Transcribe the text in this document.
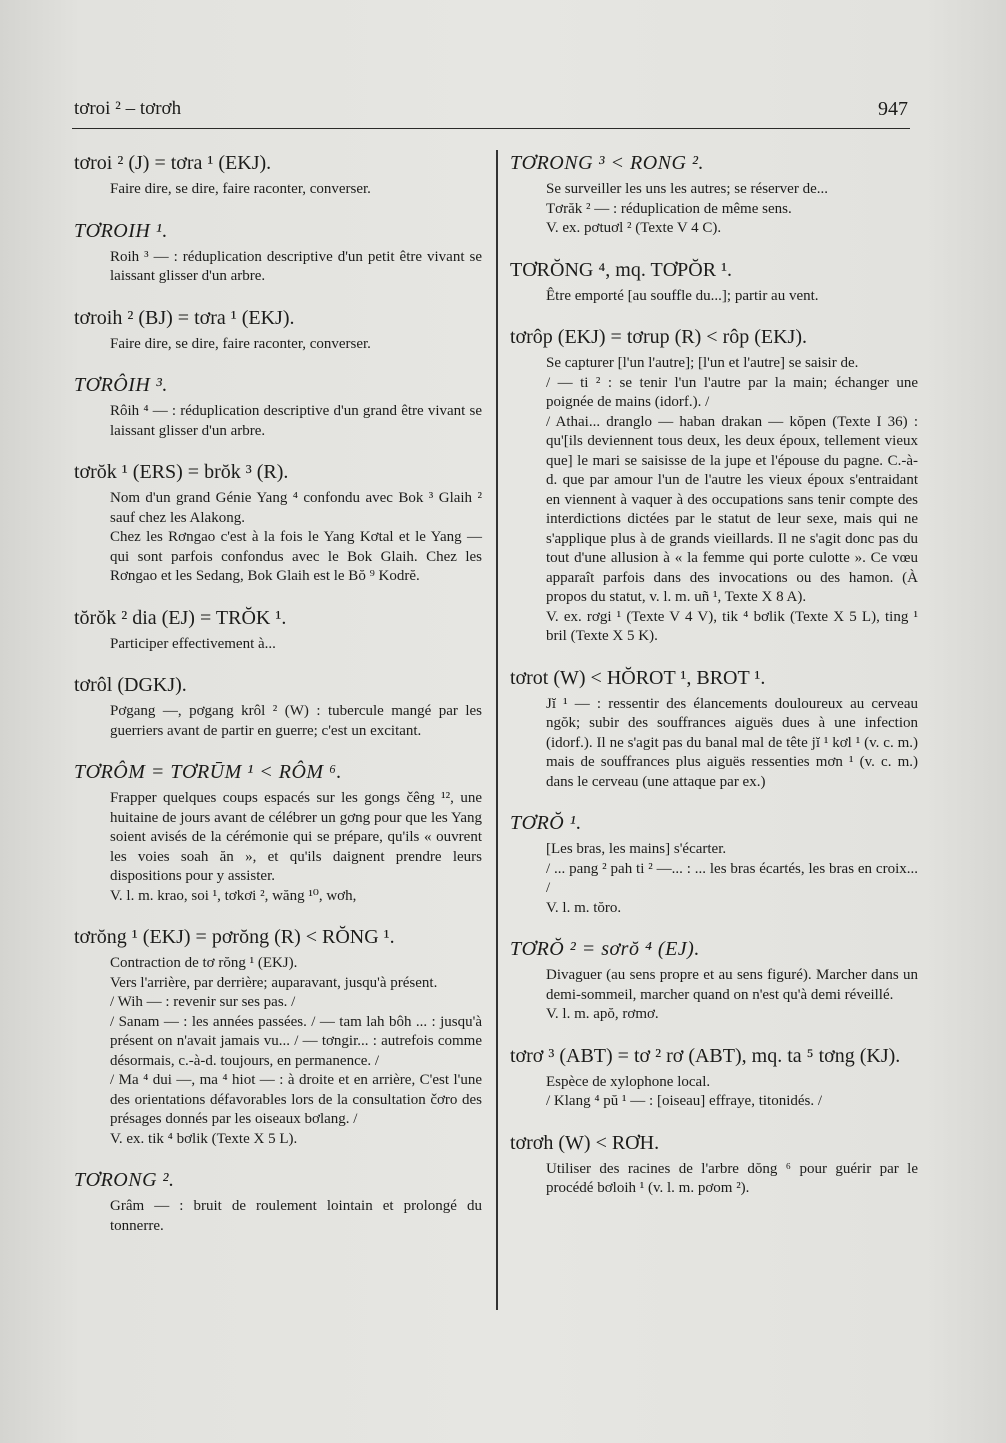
tơroi ² – tơrơh	947
tơroi ² (J) = tơra ¹ (EKJ).

Faire dire, se dire, faire raconter, converser.

TƠROIH ¹.

Roih ³ — : réduplication descriptive d'un petit être vivant se laissant glisser d'un arbre.

tơroih ² (BJ) = tơra ¹ (EKJ).

Faire dire, se dire, faire raconter, converser.

TƠRÔIH ³.

Rôih ⁴ — : réduplication descriptive d'un grand être vivant se laissant glisser d'un arbre.

tơrŏk ¹ (ERS) = brŏk ³ (R).

Nom d'un grand Génie Yang ⁴ confondu avec Bok ³ Glaih ² sauf chez les Alakong.

Chez les Rơngao c'est à la fois le Yang Kơtal et le Yang — qui sont parfois confondus avec le Bok Glaih. Chez les Rơngao et les Sedang, Bok Glaih est le Bŏ ⁹ Kodrĕ.

tŏrŏk ² dia (EJ) = TRŎK ¹.

Participer effectivement à...

tơrôl (DGKJ).

Pơgang —, pơgang krôl ² (W) : tubercule mangé par les guerriers avant de partir en guerre; c'est un excitant.

TƠRÔM = TƠRŪM ¹ < RÔM ⁶.

Frapper quelques coups espacés sur les gongs čêng ¹², une huitaine de jours avant de célébrer un gơng pour que les Yang soient avisés de la cérémonie qui se prépare, qu'ils « ouvrent les voies soah ăn », et qu'ils daignent prendre leurs dispositions pour y assister.

V. l. m. krao, soi ¹, tơkơi ², wăng ¹⁰, wơh,

tơrŏng ¹ (EKJ) = pơrŏng (R) < RŎNG ¹.

Contraction de tơ rŏng ¹ (EKJ).

Vers l'arrière, par derrière; auparavant, jusqu'à présent.

/ Wih — : revenir sur ses pas. /

/ Sanam — : les années passées. / — tam lah bôh ... : jusqu'à présent on n'avait jamais vu... / — tơngir... : autrefois comme désormais, c.-à-d. toujours, en permanence. /

/ Ma ⁴ dui —, ma ⁴ hiot — : à droite et en arrière, C'est l'une des orientations défavorables lors de la consultation čơro des présages donnés par les oiseaux bơlang. /

V. ex. tik ⁴ bơlik (Texte X 5 L).

TƠRONG ².

Grâm — : bruit de roulement lointain et prolongé du tonnerre.

TƠRONG ³ < RONG ².

Se surveiller les uns les autres; se réserver de...

Tơrăk ² — : réduplication de même sens.

V. ex. pơtuơl ² (Texte V 4 C).

TƠRŎNG ⁴, mq. TƠPŎR ¹.

Être emporté [au souffle du...]; partir au vent.

tơrôp (EKJ) = tơrup (R) < rôp (EKJ).

Se capturer [l'un l'autre]; [l'un et l'autre] se saisir de.

/ — ti ² : se tenir l'un l'autre par la main; échanger une poignée de mains (idorf.). /

/ Athai... dranglo — haban drakan — kŏpen (Texte I 36) : qu'[ils deviennent tous deux, les deux époux, tellement vieux que] le mari se saisisse de la jupe et l'épouse du pagne. C.-à-d. que par amour l'un de l'autre les vieux époux s'entraidant en viennent à vaquer à des occupations sans tenir compte des interdictions dictées par le statut de leur sexe, mais qui ne s'applique plus à de grands vieillards. Il ne s'agit donc pas du tout d'une allusion à « la femme qui porte culotte ». Ce vœu apparaît parfois dans des invocations ou des hamon. (À propos du statut, v. l. m. uñ ¹, Texte X 8 A).

V. ex. rơgi ¹ (Texte V 4 V), tik ⁴ bơlik (Texte X 5 L), ting ¹ bril (Texte X 5 K).

tơrot (W) < HŎROT ¹, BROT ¹.

Jĭ ¹ — : ressentir des élancements douloureux au cerveau ngŏk; subir des souffrances aiguës dues à une infection (idorf.). Il ne s'agit pas du banal mal de tête jĭ ¹ kơl ¹ (v. c. m.) mais de souffrances plus aiguës ressenties mơn ¹ (v. c. m.) dans le cerveau (une attaque par ex.)

TƠRŎ ¹.

[Les bras, les mains] s'écarter.

/ ... pang ² pah ti ² —... : ... les bras écartés, les bras en croix... /

V. l. m. tŏro.

TƠRŎ ² = sơrŏ ⁴ (EJ).

Divaguer (au sens propre et au sens figuré). Marcher dans un demi-sommeil, marcher quand on n'est qu'à demi réveillé.

V. l. m. apŏ, rơmơ.

tơrơ ³ (ABT) = tơ ² rơ (ABT), mq. ta ⁵ tơng (KJ).

Espèce de xylophone local.

/ Klang ⁴ pŭ ¹ — : [oiseau] effraye, titonidés. /

tơrơh (W) < RƠH.

Utiliser des racines de l'arbre dŏng ⁶ pour guérir par le procédé bơloih ¹ (v. l. m. pơom ²).
